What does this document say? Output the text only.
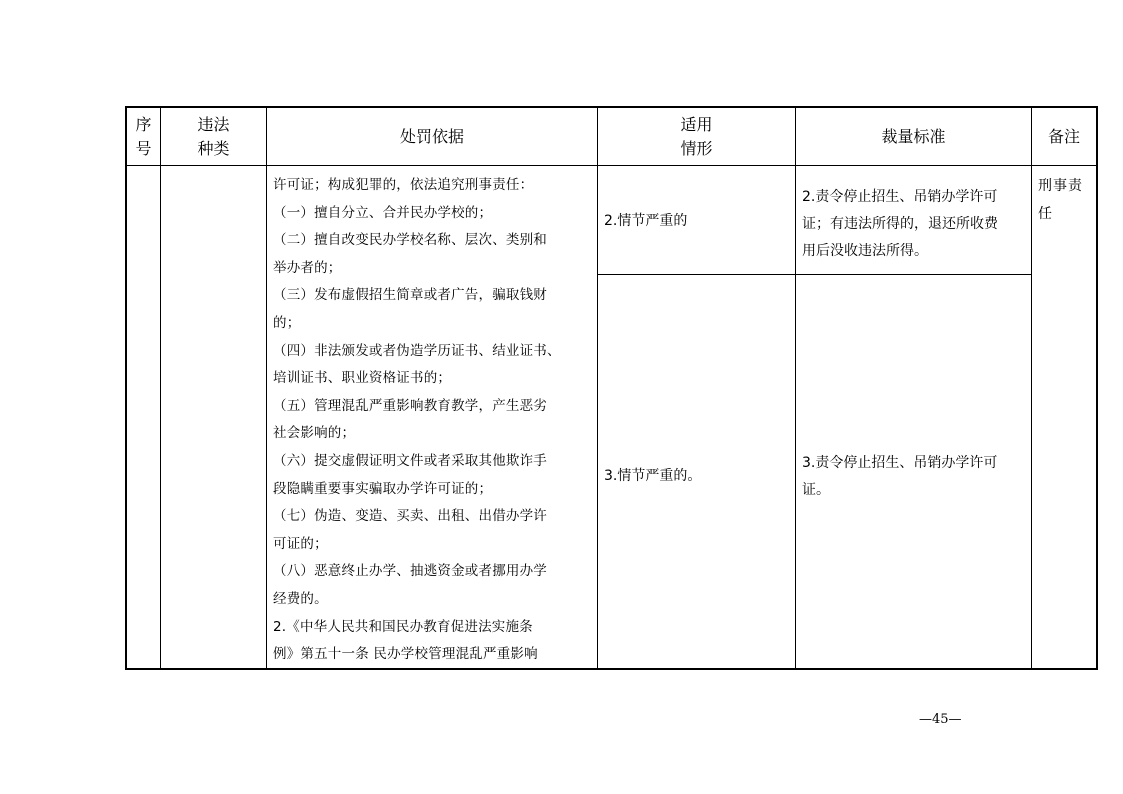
序
号
违法
种类
处罚依据
适用
情形
裁量标准	备注
许可证；构成犯罪的，依法追究刑事责任：
（一）擅自分立、合并民办学校的；
（二）擅自改变民办学校名称、层次、类别和
举办者的；
（三）发布虚假招生简章或者广告，骗取钱财
的；
（四）非法颁发或者伪造学历证书、结业证书、
培训证书、职业资格证书的；
（五）管理混乱严重影响教育教学，产生恶劣
社会影响的；
（六）提交虚假证明文件或者采取其他欺诈手
段隐瞒重要事实骗取办学许可证的；
（七）伪造、变造、买卖、出租、出借办学许
可证的；
（八）恶意终止办学、抽逃资金或者挪用办学
经费的。
2.《中华人民共和国民办教育促进法实施条
例》第五十一条 民办学校管理混乱严重影响
2.情节严重的
2.责令停止招生、吊销办学许可
证；有违法所得的，退还所收费
用后没收违法所得。
3.情节严重的。
3.责令停止招生、吊销办学许可
证。
刑事责
任
—45—
